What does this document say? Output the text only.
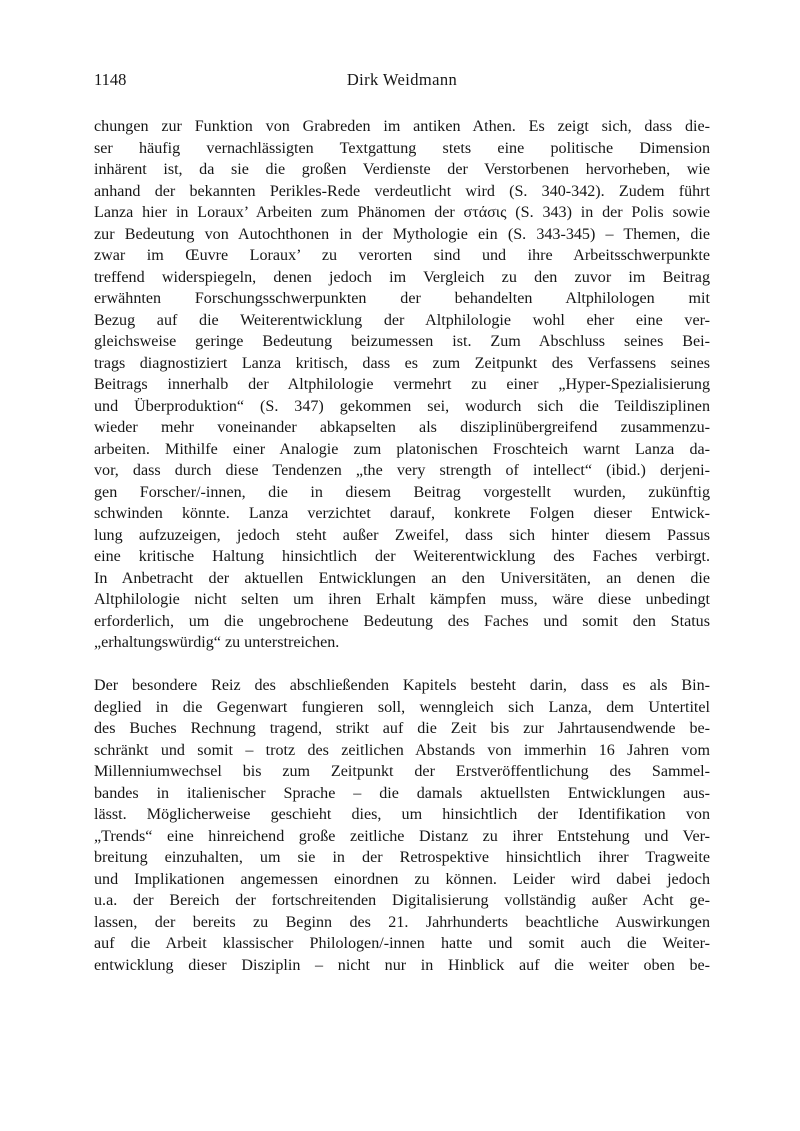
1148	Dirk Weidmann
chungen zur Funktion von Grabreden im antiken Athen. Es zeigt sich, dass die-
ser häufig vernachlässigten Textgattung stets eine politische Dimension
inhärent ist, da sie die großen Verdienste der Verstorbenen hervorheben, wie
anhand der bekannten Perikles-Rede verdeutlicht wird (S. 340-342). Zudem führt
Lanza hier in Loraux’ Arbeiten zum Phänomen der στάσις (S. 343) in der Polis sowie
zur Bedeutung von Autochthonen in der Mythologie ein (S. 343-345) – Themen, die
zwar im Œuvre Loraux’ zu verorten sind und ihre Arbeitsschwerpunkte
treffend widerspiegeln, denen jedoch im Vergleich zu den zuvor im Beitrag
erwähnten Forschungsschwerpunkten der behandelten Altphilologen mit
Bezug auf die Weiterentwicklung der Altphilologie wohl eher eine ver-
gleichsweise geringe Bedeutung beizumessen ist. Zum Abschluss seines Bei-
trags diagnostiziert Lanza kritisch, dass es zum Zeitpunkt des Verfassens seines
Beitrags innerhalb der Altphilologie vermehrt zu einer „Hyper-Spezialisierung
und Überproduktion“ (S. 347) gekommen sei, wodurch sich die Teildisziplinen
wieder mehr voneinander abkapselten als disziplinübergreifend zusammenzu-
arbeiten. Mithilfe einer Analogie zum platonischen Froschteich warnt Lanza da-
vor, dass durch diese Tendenzen „the very strength of intellect“ (ibid.) derjeni-
gen Forscher/-innen, die in diesem Beitrag vorgestellt wurden, zukünftig
schwinden könnte. Lanza verzichtet darauf, konkrete Folgen dieser Entwick-
lung aufzuzeigen, jedoch steht außer Zweifel, dass sich hinter diesem Passus
eine kritische Haltung hinsichtlich der Weiterentwicklung des Faches verbirgt.
In Anbetracht der aktuellen Entwicklungen an den Universitäten, an denen die
Altphilologie nicht selten um ihren Erhalt kämpfen muss, wäre diese unbedingt
erforderlich, um die ungebrochene Bedeutung des Faches und somit den Status
„erhaltungswürdig“ zu unterstreichen.
Der besondere Reiz des abschließenden Kapitels besteht darin, dass es als Bin-
deglied in die Gegenwart fungieren soll, wenngleich sich Lanza, dem Untertitel
des Buches Rechnung tragend, strikt auf die Zeit bis zur Jahrtausendwende be-
schränkt und somit – trotz des zeitlichen Abstands von immerhin 16 Jahren vom
Millenniumwechsel bis zum Zeitpunkt der Erstveröffentlichung des Sammel-
bandes in italienischer Sprache – die damals aktuellsten Entwicklungen aus-
lässt. Möglicherweise geschieht dies, um hinsichtlich der Identifikation von
„Trends“ eine hinreichend große zeitliche Distanz zu ihrer Entstehung und Ver-
breitung einzuhalten, um sie in der Retrospektive hinsichtlich ihrer Tragweite
und Implikationen angemessen einordnen zu können. Leider wird dabei jedoch
u.a. der Bereich der fortschreitenden Digitalisierung vollständig außer Acht ge-
lassen, der bereits zu Beginn des 21. Jahrhunderts beachtliche Auswirkungen
auf die Arbeit klassischer Philologen/-innen hatte und somit auch die Weiter-
entwicklung dieser Disziplin – nicht nur in Hinblick auf die weiter oben be-
